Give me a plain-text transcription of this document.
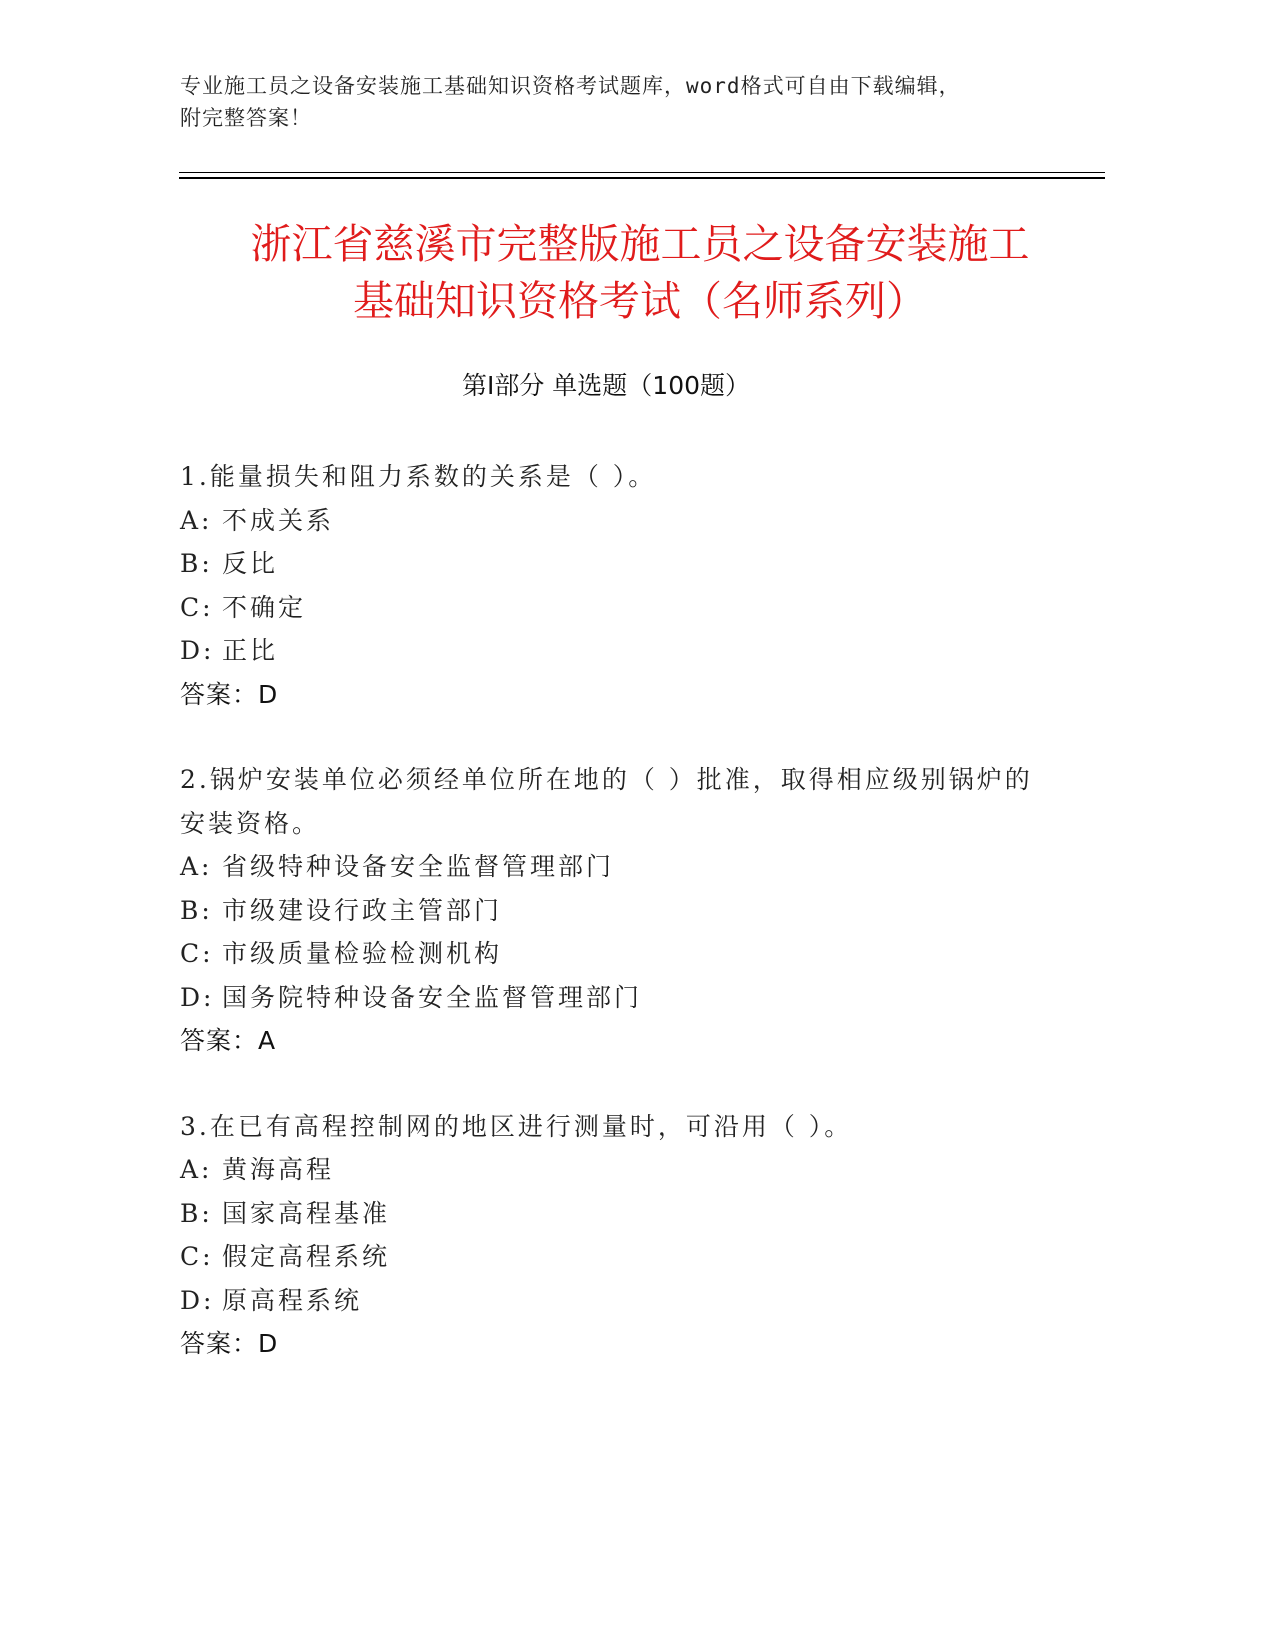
专业施工员之设备安装施工基础知识资格考试题库，word格式可自由下载编辑，
附完整答案！
浙江省慈溪市完整版施工员之设备安装施工
基础知识资格考试（名师系列）
第Ⅰ部分 单选题（100题）
1.能量损失和阻力系数的关系是（ ）。
A: 不成关系
B: 反比
C: 不确定
D: 正比
答案：D
2.锅炉安装单位必须经单位所在地的（ ）批准，取得相应级别锅炉的安装资格。
A: 省级特种设备安全监督管理部门
B: 市级建设行政主管部门
C: 市级质量检验检测机构
D: 国务院特种设备安全监督管理部门
答案：A
3.在已有高程控制网的地区进行测量时，可沿用（ ）。
A: 黄海高程
B: 国家高程基准
C: 假定高程系统
D: 原高程系统
答案：D
